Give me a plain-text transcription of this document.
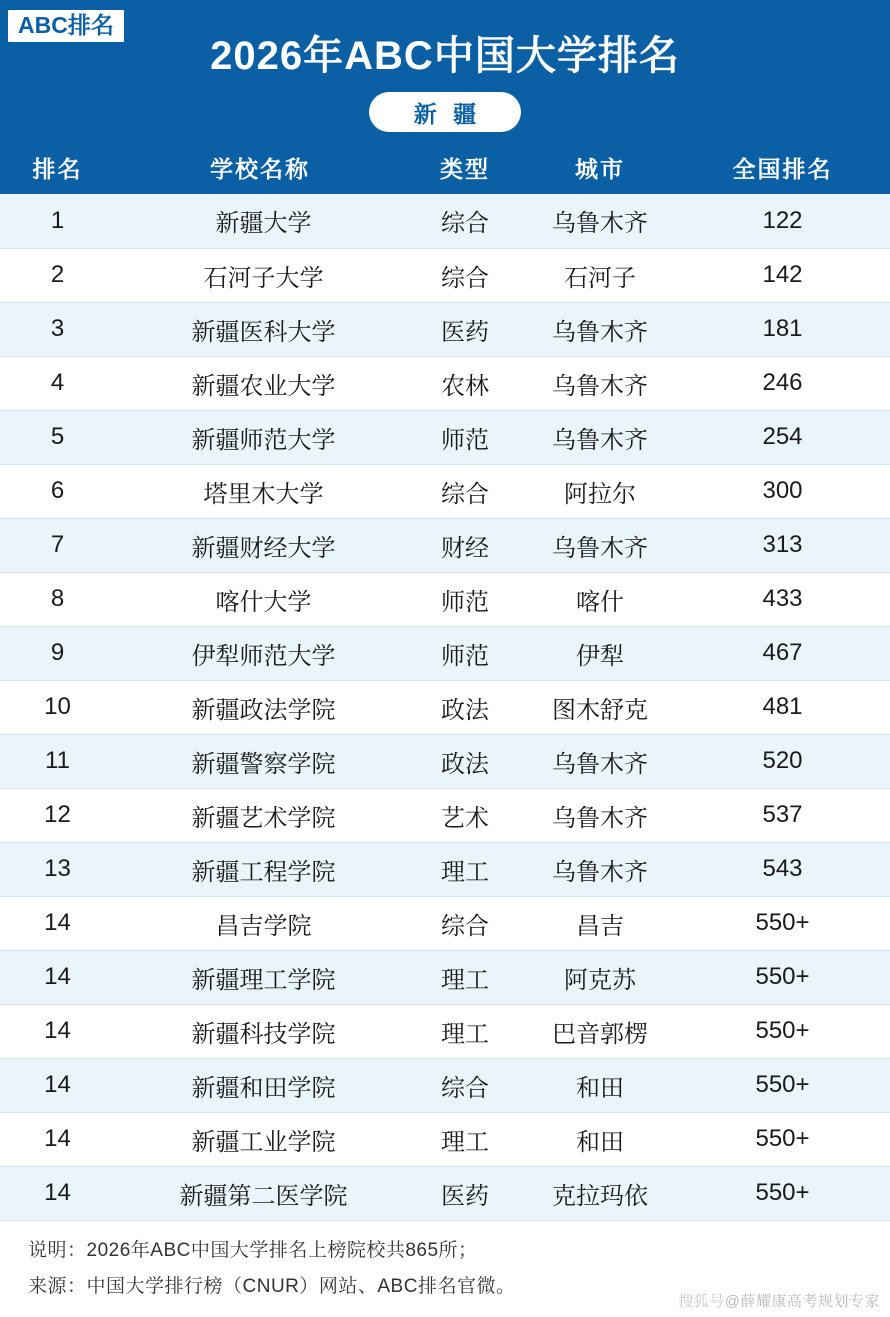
ABC排名
2026年ABC中国大学排名
新 疆
排名	学校名称	类型	城市	全国排名
1	新疆大学	综合	乌鲁木齐	122
2	石河子大学	综合	石河子	142
3	新疆医科大学	医药	乌鲁木齐	181
4	新疆农业大学	农林	乌鲁木齐	246
5	新疆师范大学	师范	乌鲁木齐	254
6	塔里木大学	综合	阿拉尔	300
7	新疆财经大学	财经	乌鲁木齐	313
8	喀什大学	师范	喀什	433
9	伊犁师范大学	师范	伊犁	467
10	新疆政法学院	政法	图木舒克	481
11	新疆警察学院	政法	乌鲁木齐	520
12	新疆艺术学院	艺术	乌鲁木齐	537
13	新疆工程学院	理工	乌鲁木齐	543
14	昌吉学院	综合	昌吉	550+
14	新疆理工学院	理工	阿克苏	550+
14	新疆科技学院	理工	巴音郭楞	550+
14	新疆和田学院	综合	和田	550+
14	新疆工业学院	理工	和田	550+
14	新疆第二医学院	医药	克拉玛依	550+
说明：2026年ABC中国大学排名上榜院校共865所；
来源：中国大学排行榜（CNUR）网站、ABC排名官微。
搜狐号@薛耀康高考规划专家
